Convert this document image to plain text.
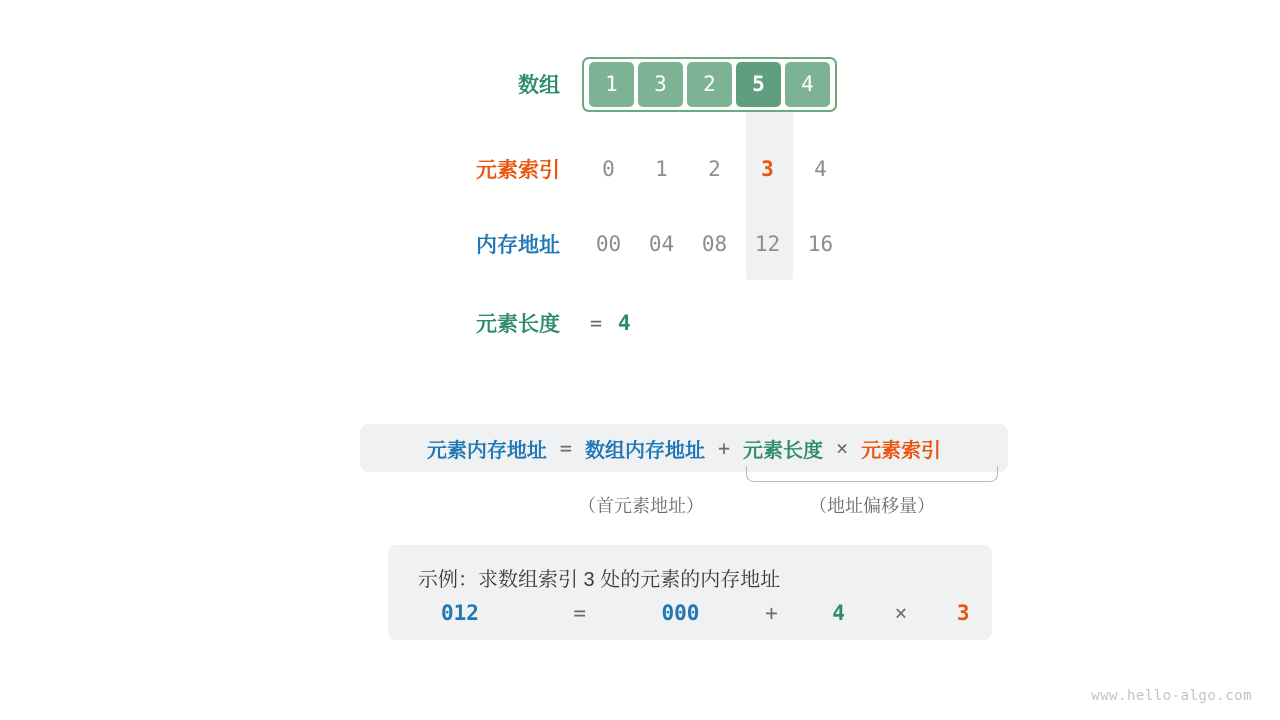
数组	1	3	2	5	4
元素索引	0	1	2	3	4
内存地址	00	04	08	12	16
元素长度	= 4
元素内存地址 = 数组内存地址 + 元素长度 × 元素索引
（首元素地址）	（地址偏移量）
示例：求数组索引 3 处的元素的内存地址
012	=	000	+	4	×	3
www.hello-algo.com
